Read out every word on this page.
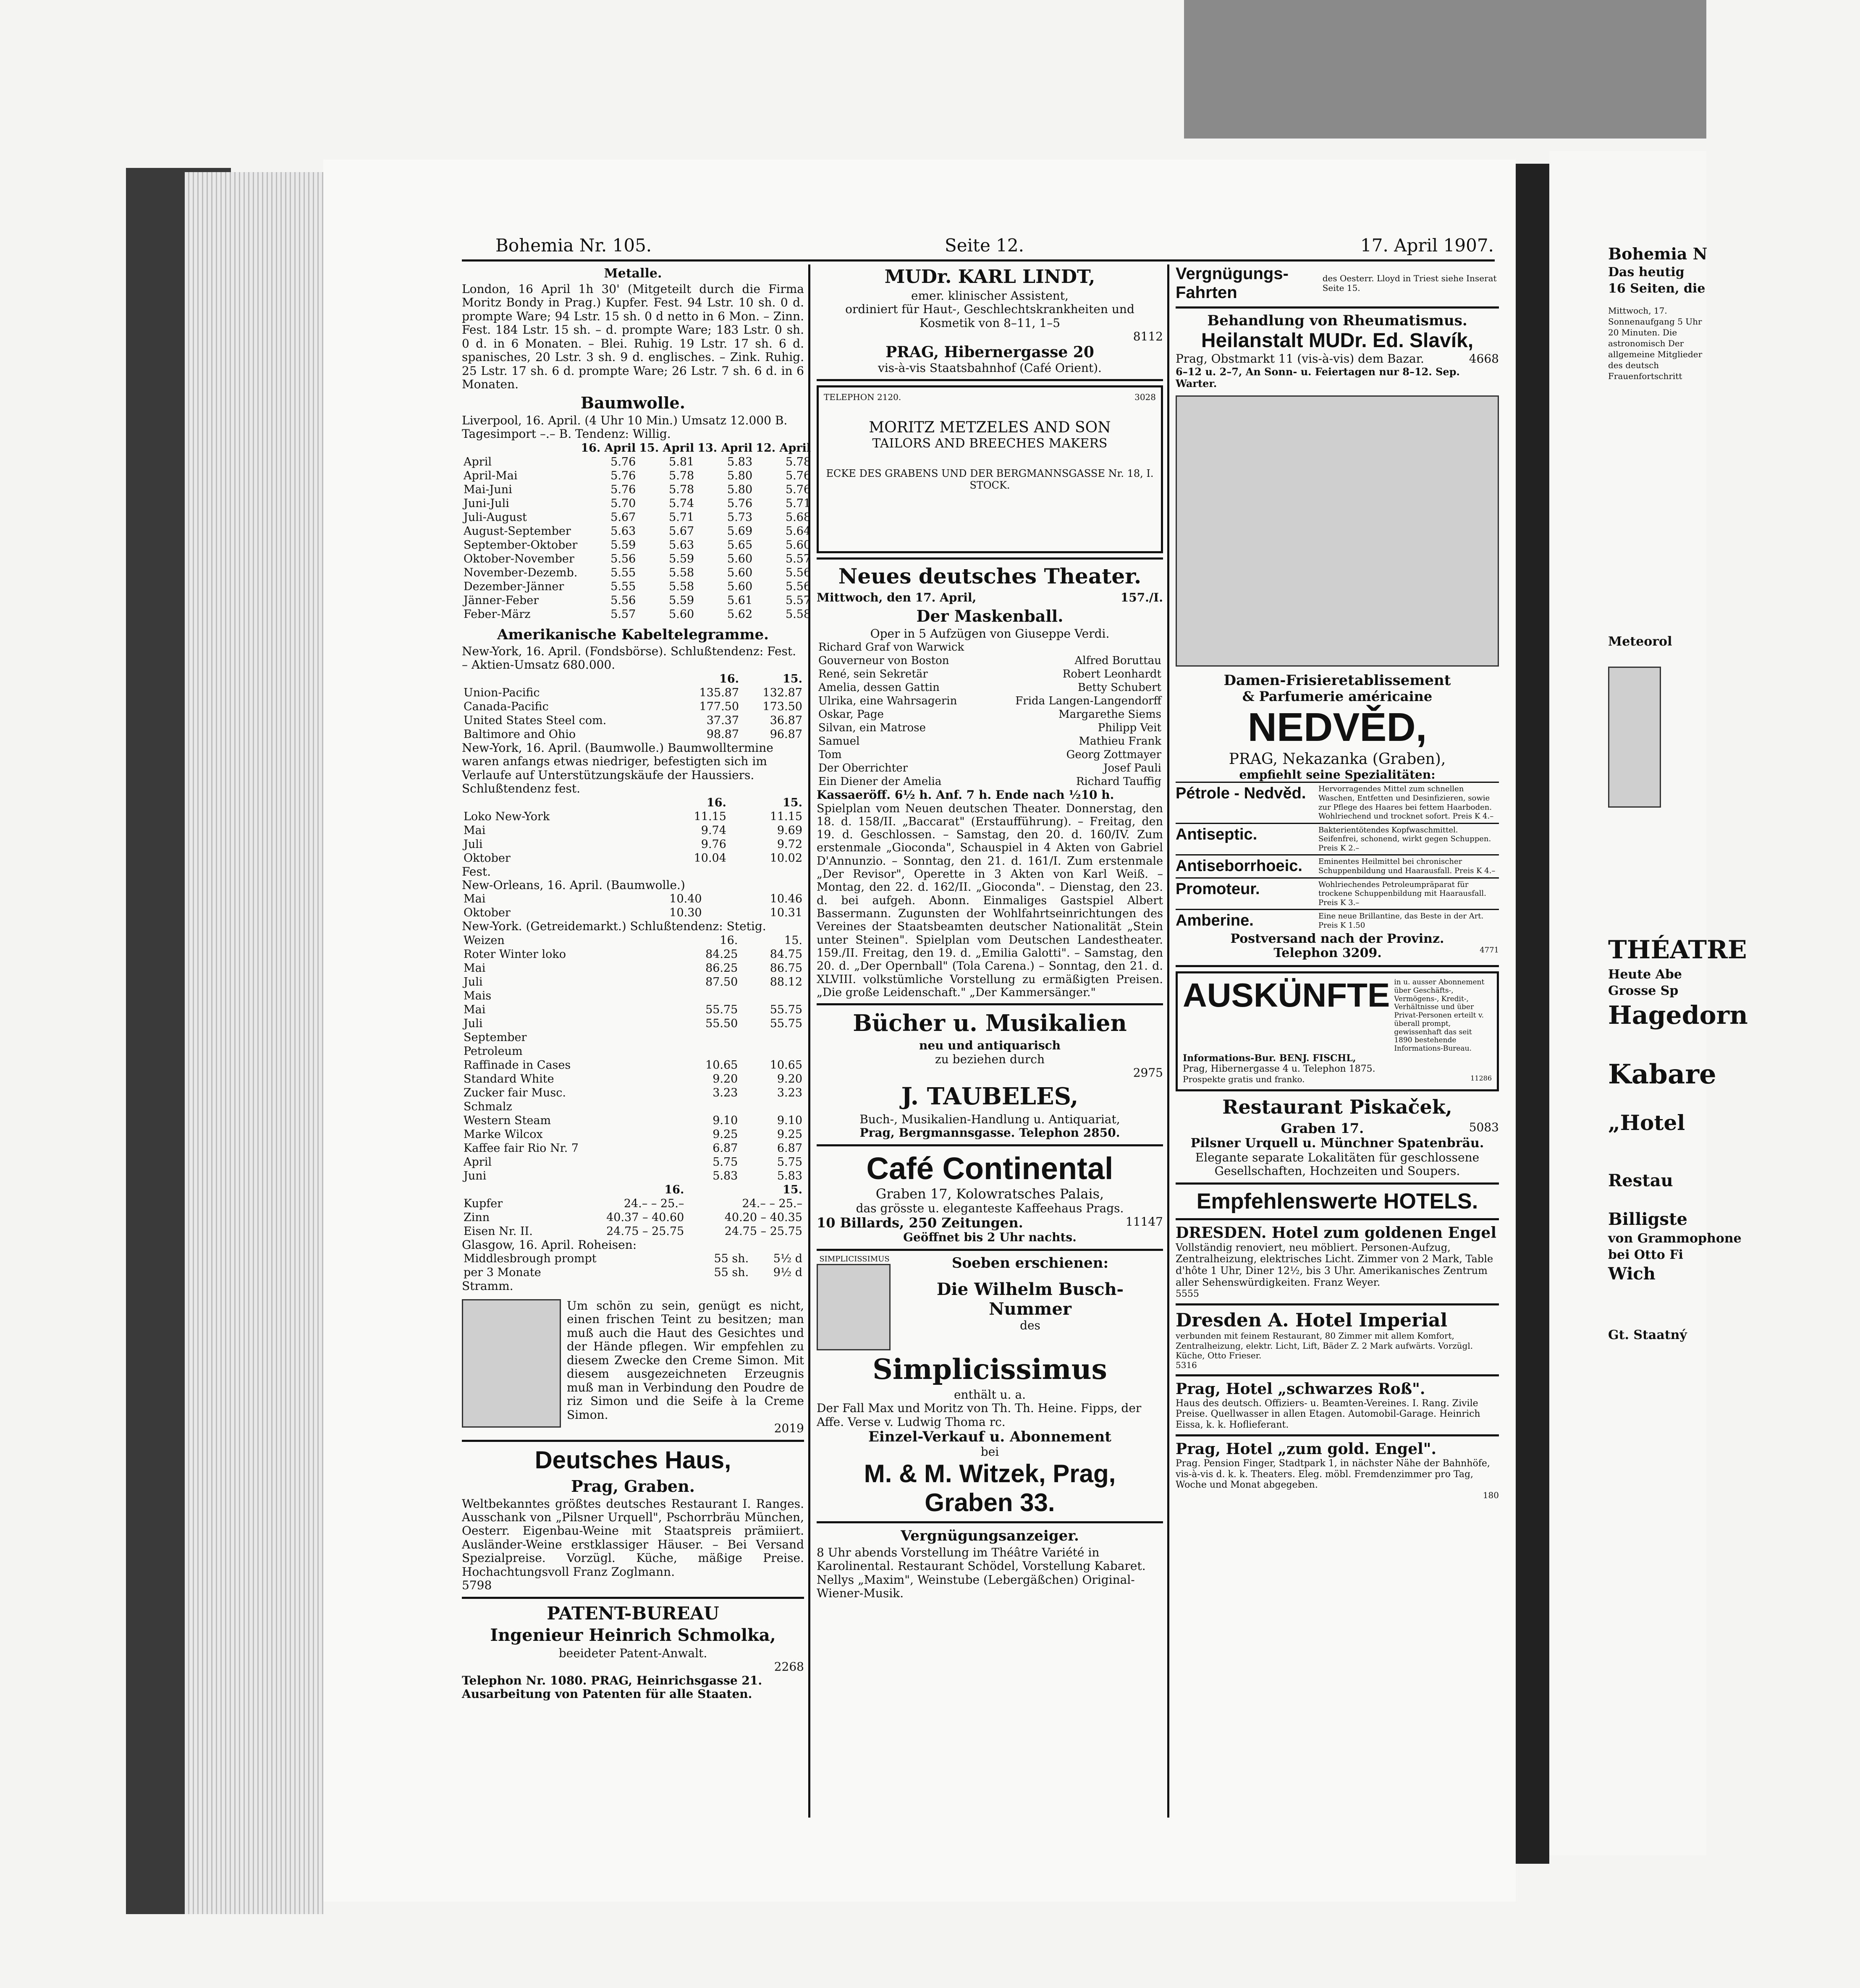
Bohemia Nr. 105.	Seite 12.	17. April 1907.
Metalle.

London, 16 April 1h 30' (Mitgeteilt durch die Firma Moritz Bondy in Prag.) Kupfer. Fest. 94 Lstr. 10 sh. 0 d. prompte Ware; 94 Lstr. 15 sh. 0 d netto in 6 Mon. – Zinn. Fest. 184 Lstr. 15 sh. – d. prompte Ware; 183 Lstr. 0 sh. 0 d. in 6 Monaten. – Blei. Ruhig. 19 Lstr. 17 sh. 6 d. spanisches, 20 Lstr. 3 sh. 9 d. englisches. – Zink. Ruhig. 25 Lstr. 17 sh. 6 d. prompte Ware; 26 Lstr. 7 sh. 6 d. in 6 Monaten.

Baumwolle.

Liverpool, 16. April. (4 Uhr 10 Min.) Umsatz 12.000 B. Tagesimport –.– B. Tendenz: Willig.

	16. April	15. April	13. April	12. April
April	5.76	5.81	5.83	5.78
April-Mai	5.76	5.78	5.80	5.76
Mai-Juni	5.76	5.78	5.80	5.76
Juni-Juli	5.70	5.74	5.76	5.71
Juli-August	5.67	5.71	5.73	5.68
August-September	5.63	5.67	5.69	5.64
September-Oktober	5.59	5.63	5.65	5.60
Oktober-November	5.56	5.59	5.60	5.57
November-Dezemb.	5.55	5.58	5.60	5.56
Dezember-Jänner	5.55	5.58	5.60	5.56
Jänner-Feber	5.56	5.59	5.61	5.57
Feber-März	5.57	5.60	5.62	5.58
Amerikanische Kabeltelegramme.

New-York, 16. April. (Fondsbörse). Schlußtendenz: Fest. – Aktien-Umsatz 680.000.

	16.	15.
Union-Pacific	135.87	132.87
Canada-Pacific	177.50	173.50
United States Steel com.	37.37	36.87
Baltimore and Ohio	98.87	96.87

New-York, 16. April. (Baumwolle.) Baumwolltermine waren anfangs etwas niedriger, befestigten sich im Verlaufe auf Unterstützungskäufe der Haussiers. Schlußtendenz fest.

	16.	15.
Loko New-York	11.15	11.15
Mai	9.74	9.69
Juli	9.76	9.72
Oktober	10.04	10.02

Fest.

New-Orleans, 16. April. (Baumwolle.)

Mai	10.40	10.46
Oktober	10.30	10.31

New-York. (Getreidemarkt.) Schlußtendenz: Stetig.

Weizen	16.	15.
Roter Winter loko	84.25	84.75
Mai	86.25	86.75
Juli	87.50	88.12
Mais		
Mai	55.75	55.75
Juli	55.50	55.75
September		
Petroleum		
Raffinade in Cases	10.65	10.65
Standard White	9.20	9.20
Zucker fair Musc.	3.23	3.23
Schmalz		
Western Steam	9.10	9.10
Marke Wilcox	9.25	9.25
Kaffee fair Rio Nr. 7	6.87	6.87
April	5.75	5.75
Juni	5.83	5.83
	16.	15.
Kupfer	24.– – 25.–	24.– – 25.–
Zinn	40.37 – 40.60	40.20 – 40.35
Eisen Nr. II.	24.75 – 25.75	24.75 – 25.75

Glasgow, 16. April. Roheisen:

Middlesbrough prompt	55 sh.	5½ d
per 3 Monate	55 sh.	9½ d

Stramm.

Um schön zu sein, genügt es nicht, einen frischen Teint zu besitzen; man muß auch die Haut des Gesichtes und der Hände pflegen. Wir empfehlen zu diesem Zwecke den Creme Simon. Mit diesem ausgezeichneten Erzeugnis muß man in Verbindung den Poudre de riz Simon und die Seife à la Creme Simon.

2019

Deutsches Haus,
Prag, Graben.

Weltbekanntes größtes deutsches Restaurant I. Ranges. Ausschank von „Pilsner Urquell", Pschorrbräu München, Oesterr. Eigenbau-Weine mit Staatspreis prämiiert. Ausländer-Weine erstklassiger Häuser. – Bei Versand Spezialpreise. Vorzügl. Küche, mäßige Preise. Hochachtungsvoll Franz Zoglmann.

5798

PATENT-BUREAU
Ingenieur Heinrich Schmolka,

beeideter Patent-Anwalt.

2268

Telephon Nr. 1080. PRAG, Heinrichsgasse 21.

Ausarbeitung von Patenten für alle Staaten.

MUDr. KARL LINDT,

emer. klinischer Assistent,

ordiniert für Haut-, Geschlechtskrankheiten und Kosmetik von 8–11, 1–5

8112

PRAG, Hibernergasse 20

vis-à-vis Staatsbahnhof (Café Orient).

TELEPHON 2120.	3028

MORITZ METZELES AND SON

TAILORS AND BREECHES MAKERS

ECKE DES GRABENS UND DER BERGMANNSGASSE Nr. 18, I. STOCK.

Neues deutsches Theater.

Mittwoch, den 17. April,	157./I.

Der Maskenball.

Oper in 5 Aufzügen von Giuseppe Verdi.

Richard Graf von Warwick	
Gouverneur von Boston	Alfred Boruttau
René, sein Sekretär	Robert Leonhardt
Amelia, dessen Gattin	Betty Schubert
Ulrika, eine Wahrsagerin	Frida Langen-Langendorff
Oskar, Page	Margarethe Siems
Silvan, ein Matrose	Philipp Veit
Samuel	Mathieu Frank
Tom	Georg Zottmayer
Der Oberrichter	Josef Pauli
Ein Diener der Amelia	Richard Tauffig

Kassaeröff. 6½ h. Anf. 7 h. Ende nach ½10 h.

Spielplan vom Neuen deutschen Theater. Donnerstag, den 18. d. 158/II. „Baccarat" (Erstaufführung). – Freitag, den 19. d. Geschlossen. – Samstag, den 20. d. 160/IV. Zum erstenmale „Gioconda", Schauspiel in 4 Akten von Gabriel D'Annunzio. – Sonntag, den 21. d. 161/I. Zum erstenmale „Der Revisor", Operette in 3 Akten von Karl Weiß. – Montag, den 22. d. 162/II. „Gioconda". – Dienstag, den 23. d. bei aufgeh. Abonn. Einmaliges Gastspiel Albert Bassermann. Zugunsten der Wohlfahrtseinrichtungen des Vereines der Staatsbeamten deutscher Nationalität „Stein unter Steinen". Spielplan vom Deutschen Landestheater. 159./II. Freitag, den 19. d. „Emilia Galotti". – Samstag, den 20. d. „Der Opernball" (Tola Carena.) – Sonntag, den 21. d. XLVIII. volkstümliche Vorstellung zu ermäßigten Preisen. „Die große Leidenschaft." „Der Kammersänger."

Bücher u. Musikalien

neu und antiquarisch

zu beziehen durch

2975

J. TAUBELES,

Buch-, Musikalien-Handlung u. Antiquariat,

Prag, Bergmannsgasse. Telephon 2850.

Café Continental

Graben 17, Kolowratsches Palais,

das grösste u. eleganteste Kaffeehaus Prags.

10 Billards, 250 Zeitungen.	11147

Geöffnet bis 2 Uhr nachts.

SIMPLICISSIMUS	Soeben erschienen:

Die Wilhelm Busch-Nummer

des

Simplicissimus

enthält u. a.

Der Fall Max und Moritz von Th. Th. Heine. Fipps, der Affe. Verse v. Ludwig Thoma rc.

Einzel-Verkauf u. Abonnement

bei

M. & M. Witzek, Prag, Graben 33.
Vergnügungsanzeiger.

8 Uhr abends Vorstellung im Théâtre Variété in Karolinental. Restaurant Schödel, Vorstellung Kabaret. Nellys „Maxim", Weinstube (Lebergäßchen) Original-Wiener-Musik.

Vergnügungs-Fahrten

des Oesterr. Lloyd in Triest siehe Inserat Seite 15.

Behandlung von Rheumatismus.

Heilanstalt MUDr. Ed. Slavík,

Prag, Obstmarkt 11 (vis-à-vis) dem Bazar.	4668

6–12 u. 2–7, An Sonn- u. Feiertagen nur 8–12. Sep. Warter.

Damen-Frisieretablissement

& Parfumerie américaine

NEDVĚD,

PRAG, Nekazanka (Graben),

empfiehlt seine Spezialitäten:

Pétrole - Nedvěd.	Hervorragendes Mittel zum schnellen Waschen, Entfetten und Desinfizieren, sowie zur Pflege des Haares bei fettem Haarboden. Wohlriechend und trocknet sofort. Preis K 4.–
Antiseptic.	Bakterientötendes Kopfwaschmittel. Seifenfrei, schonend, wirkt gegen Schuppen. Preis K 2.–
Antiseborrhoeic.	Eminentes Heilmittel bei chronischer Schuppenbildung und Haarausfall. Preis K 4.–
Promoteur.	Wohlriechendes Petroleumpräparat für trockene Schuppenbildung mit Haarausfall. Preis K 3.–
Amberine.	Eine neue Brillantine, das Beste in der Art. Preis K 1.50

Postversand nach der Provinz.

Telephon 3209.	4771

AUSKÜNFTE in u. ausser Abonnement über Geschäfts-, Vermögens-, Kredit-, Verhältnisse und über Privat-Personen erteilt v. überall prompt, gewissenhaft das seit 1890 bestehende Informations-Bureau.

Informations-Bur. BENJ. FISCHL,

Prag, Hibernergasse 4 u. Telephon 1875.

Prospekte gratis und franko.	11286

Restaurant Piskaček,

Graben 17.	5083

Pilsner Urquell u. Münchner Spatenbräu.

Elegante separate Lokalitäten für geschlossene Gesellschaften, Hochzeiten und Soupers.

Empfehlenswerte HOTELS.

DRESDEN. Hotel zum goldenen Engel

Vollständig renoviert, neu möbliert. Personen-Aufzug, Zentralheizung, elektrisches Licht. Zimmer von 2 Mark, Table d'hôte 1 Uhr, Diner 12½, bis 3 Uhr. Amerikanisches Zentrum aller Sehenswürdigkeiten. Franz Weyer.

5555

Dresden A. Hotel Imperial

verbunden mit feinem Restaurant, 80 Zimmer mit allem Komfort, Zentralheizung, elektr. Licht, Lift, Bäder Z. 2 Mark aufwärts. Vorzügl. Küche, Otto Frieser.

5316

Prag, Hotel „schwarzes Roß".

Haus des deutsch. Offiziers- u. Beamten-Vereines. I. Rang. Zivile Preise. Quellwasser in allen Etagen. Automobil-Garage. Heinrich Eissa, k. k. Hoflieferant.

Prag, Hotel „zum gold. Engel".

Prag. Pension Finger, Stadtpark 1, in nächster Nähe der Bahnhöfe, vis-à-vis d. k. k. Theaters. Eleg. möbl. Fremdenzimmer pro Tag, Woche und Monat abgegeben.

180

Bohemia N

Das heutig

16 Seiten, die

Mittwoch, 17. Sonnenaufgang 5 Uhr 20 Minuten. Die astronomisch Der allgemeine Mitglieder des deutsch Frauenfortschritt

Meteorol

THÉATRE

Heute Abe

Grosse Sp

Hagedorn

Kabare

„Hotel

Restau

Billigste

von Grammophone

bei Otto Fi

Wich

Gt. Staatný
